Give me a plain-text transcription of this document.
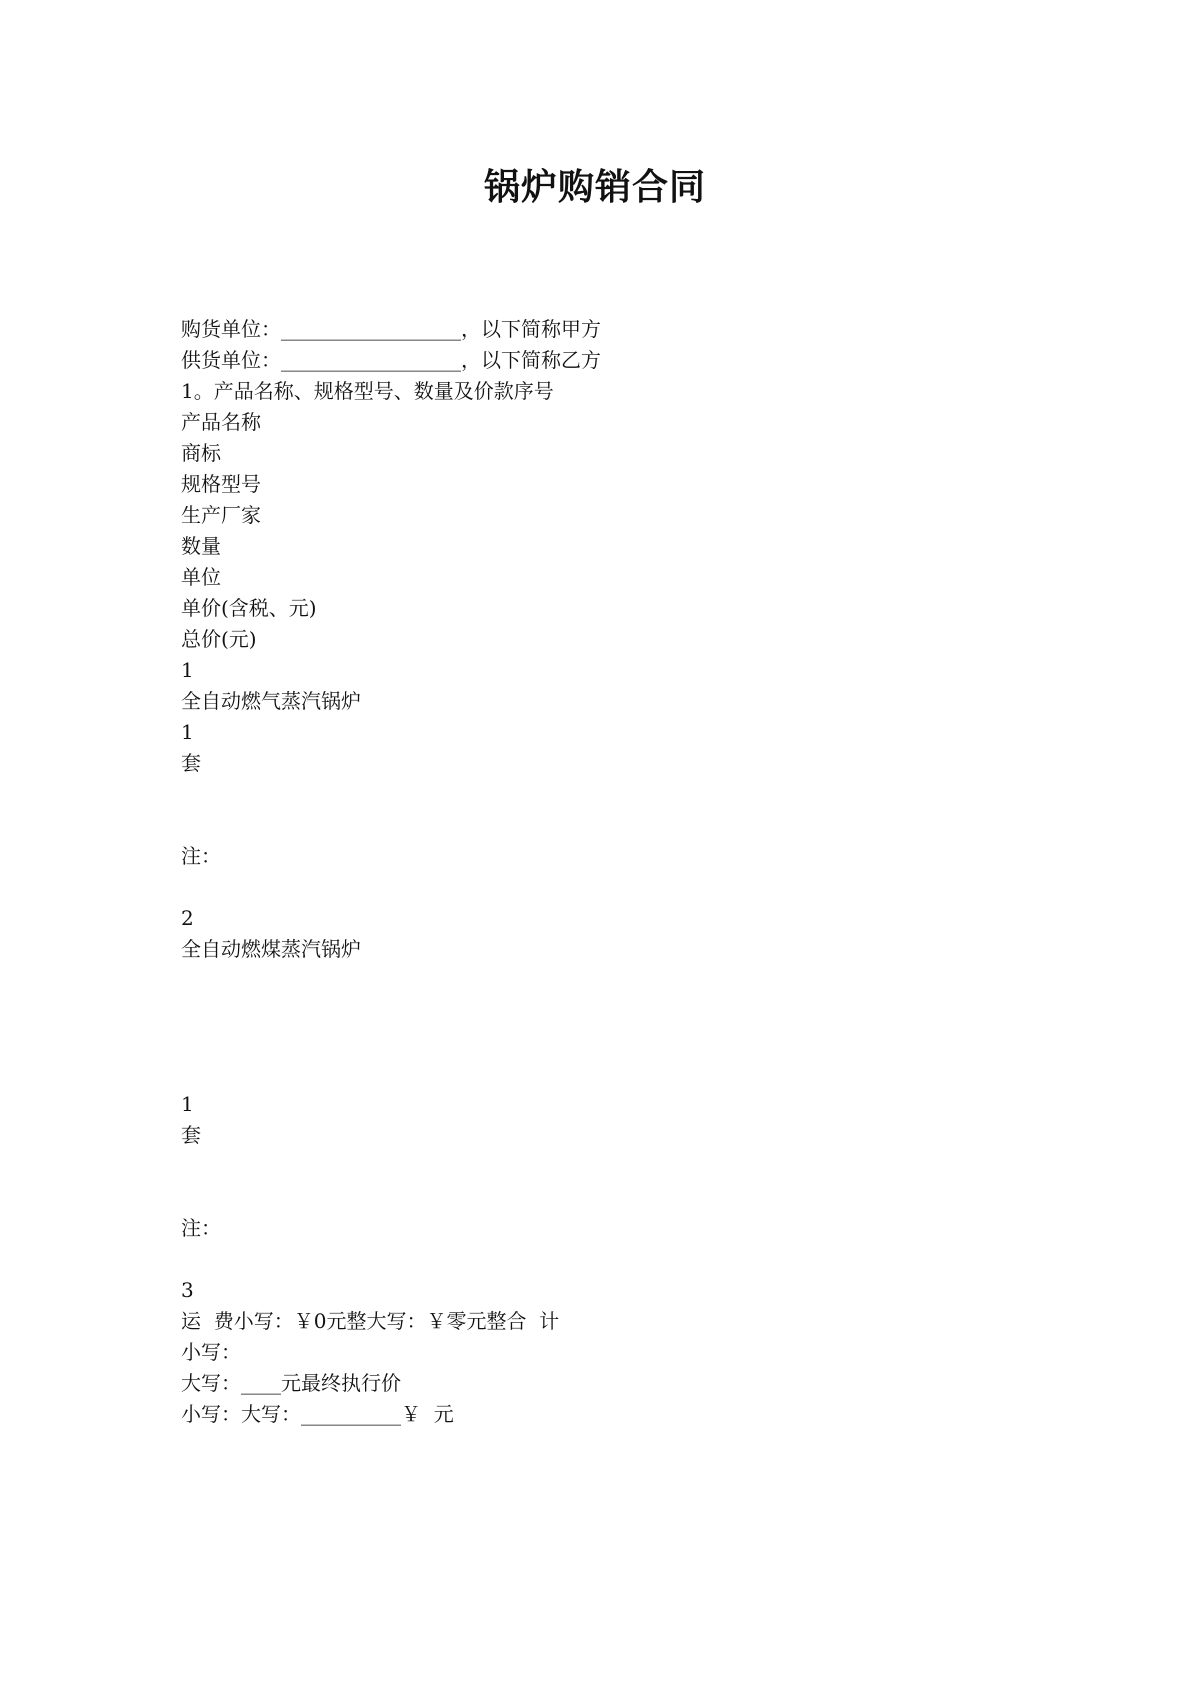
锅炉购销合同
购货单位：__________________，以下简称甲方
供货单位：__________________，以下简称乙方
1。产品名称、规格型号、数量及价款序号
产品名称
商标
规格型号
生产厂家
数量
单位
单价(含税、元)
总价(元)
1
全自动燃气蒸汽锅炉
1
套
注：
2
全自动燃煤蒸汽锅炉
1
套
注：
3
运  费小写：￥0元整大写：￥零元整合  计
小写：
大写：____元最终执行价
小写：大写：__________￥  元
